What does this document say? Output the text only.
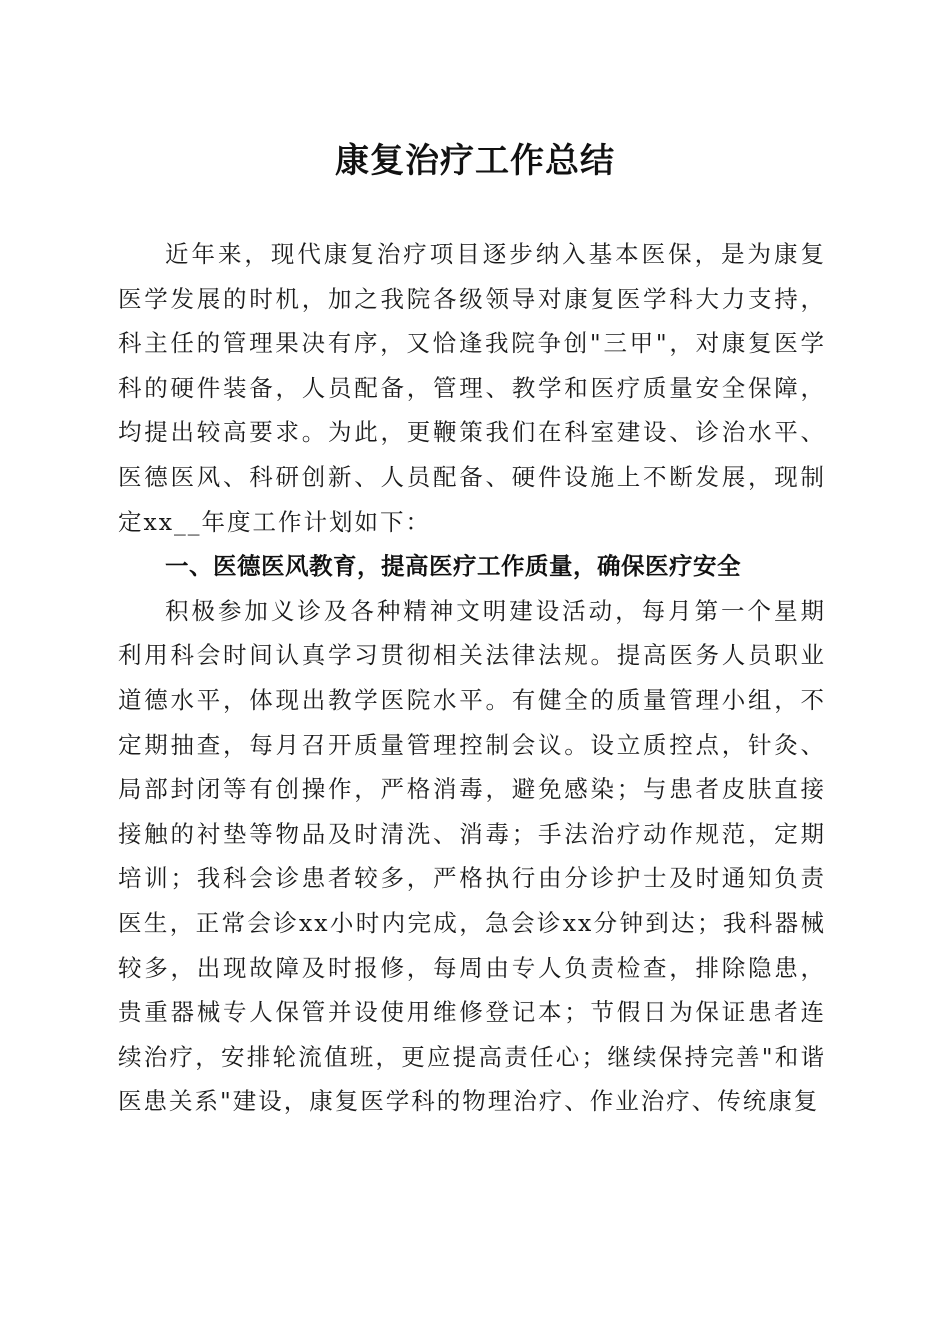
康复治疗工作总结

近年来，现代康复治疗项目逐步纳入基本医保，是为康复医学发展的时机，加之我院各级领导对康复医学科大力支持，科主任的管理果决有序，又恰逢我院争创"三甲"，对康复医学科的硬件装备，人员配备，管理、教学和医疗质量安全保障，均提出较高要求。为此，更鞭策我们在科室建设、诊治水平、医德医风、科研创新、人员配备、硬件设施上不断发展，现制定xx__年度工作计划如下：

一、医德医风教育，提高医疗工作质量，确保医疗安全

积极参加义诊及各种精神文明建设活动，每月第一个星期利用科会时间认真学习贯彻相关法律法规。提高医务人员职业道德水平，体现出教学医院水平。有健全的质量管理小组，不定期抽查，每月召开质量管理控制会议。设立质控点，针灸、局部封闭等有创操作，严格消毒，避免感染；与患者皮肤直接接触的衬垫等物品及时清洗、消毒；手法治疗动作规范，定期培训；我科会诊患者较多，严格执行由分诊护士及时通知负责医生，正常会诊xx小时内完成，急会诊xx分钟到达；我科器械较多，出现故障及时报修，每周由专人负责检查，排除隐患，贵重器械专人保管并设使用维修登记本；节假日为保证患者连续治疗，安排轮流值班，更应提高责任心；继续保持完善"和谐医患关系"建设，康复医学科的物理治疗、作业治疗、传统康复
